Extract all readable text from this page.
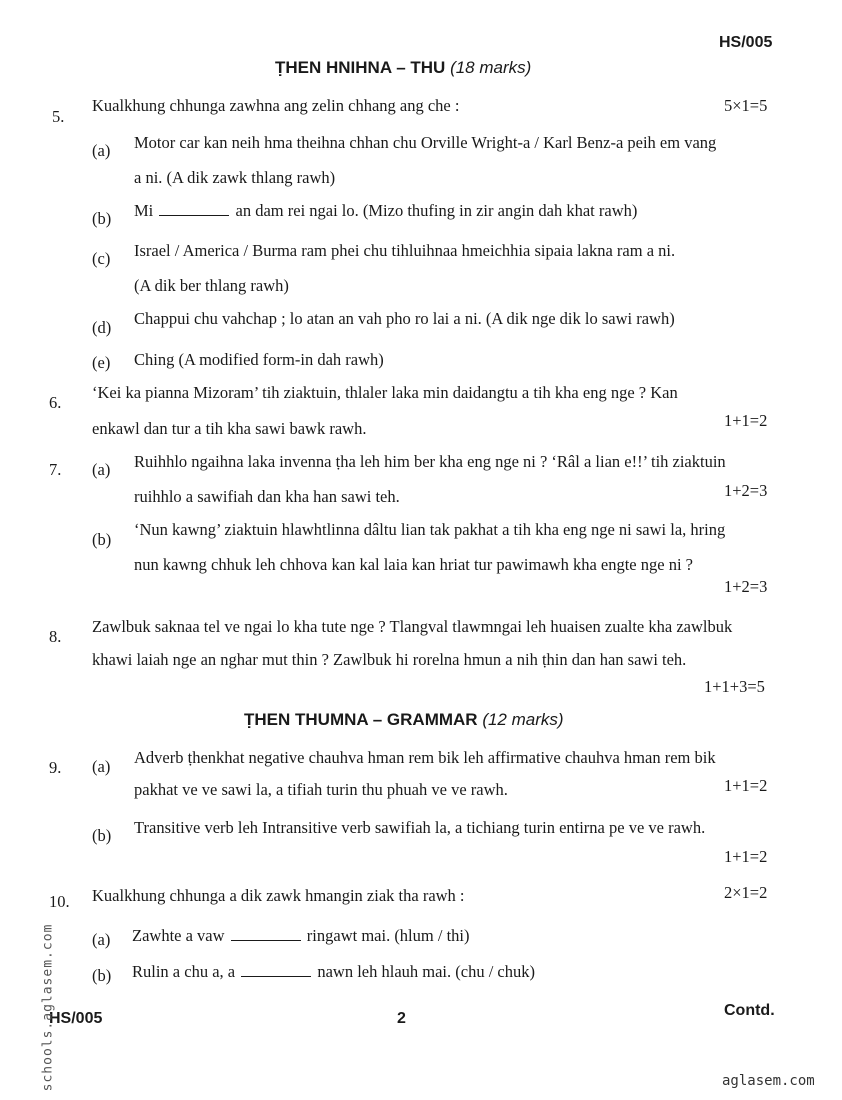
HS/005
ṬHEN HNIHNA – THU (18 marks)
5.
Kualkhung chhunga zawhna ang zelin chhang ang che :	5×1=5
(a) Motor car kan neih hma theihna chhan chu Orville Wright-a / Karl Benz-a peih em vang
a ni. (A dik zawk thlang rawh)
(b) Mi	an dam rei ngai lo. (Mizo thufing in zir angin dah khat rawh)
(c) Israel / America / Burma ram phei chu tihluihnaa hmeichhia sipaia lakna ram a ni.
(A dik ber thlang rawh)
(d) Chappui chu vahchap ; lo atan an vah pho ro lai a ni. (A dik nge dik lo sawi rawh)
(e) Ching (A modified form-in dah rawh)
6.
‘Kei ka pianna Mizoram’ tih ziaktuin, thlaler laka min daidangtu a tih kha eng nge ? Kan
enkawl dan tur a tih kha sawi bawk rawh.	1+1=2
7. (a) Ruihhlo ngaihna laka invenna ṭha leh him ber kha eng nge ni ? ‘Râl a lian e!!’ tih ziaktuin
ruihhlo a sawifiah dan kha han sawi teh.	1+2=3
(b)
‘Nun kawng’ ziaktuin hlawhtlinna dâltu lian tak pakhat a tih kha eng nge ni sawi la, hring
nun kawng chhuk leh chhova kan kal laia kan hriat tur pawimawh kha engte nge ni ?
1+2=3
8.
Zawlbuk saknaa tel ve ngai lo kha tute nge ? Tlangval tlawmngai leh huaisen zualte kha zawlbuk
khawi laiah nge an nghar mut thin ? Zawlbuk hi rorelna hmun a nih ṭhin dan han sawi teh.
1+1+3=5
ṬHEN THUMNA – GRAMMAR (12 marks)
9. (a) Adverb ṭhenkhat negative chauhva hman rem bik leh affirmative chauhva hman rem bik
pakhat ve ve sawi la, a tifiah turin thu phuah ve ve rawh.	1+1=2
(b) Transitive verb leh Intransitive verb sawifiah la, a tichiang turin entirna pe ve ve rawh.
1+1=2
10. Kualkhung chhunga a dik zawk hmangin ziak tha rawh :	2×1=2
(a) Zawhte a vaw	ringawt mai. (hlum / thi)
(b) Rulin a chu a, a	nawn leh hlauh mai. (chu / chuk)
HS/005	2	Contd.
schools.aglasem.com	aglasem.com
